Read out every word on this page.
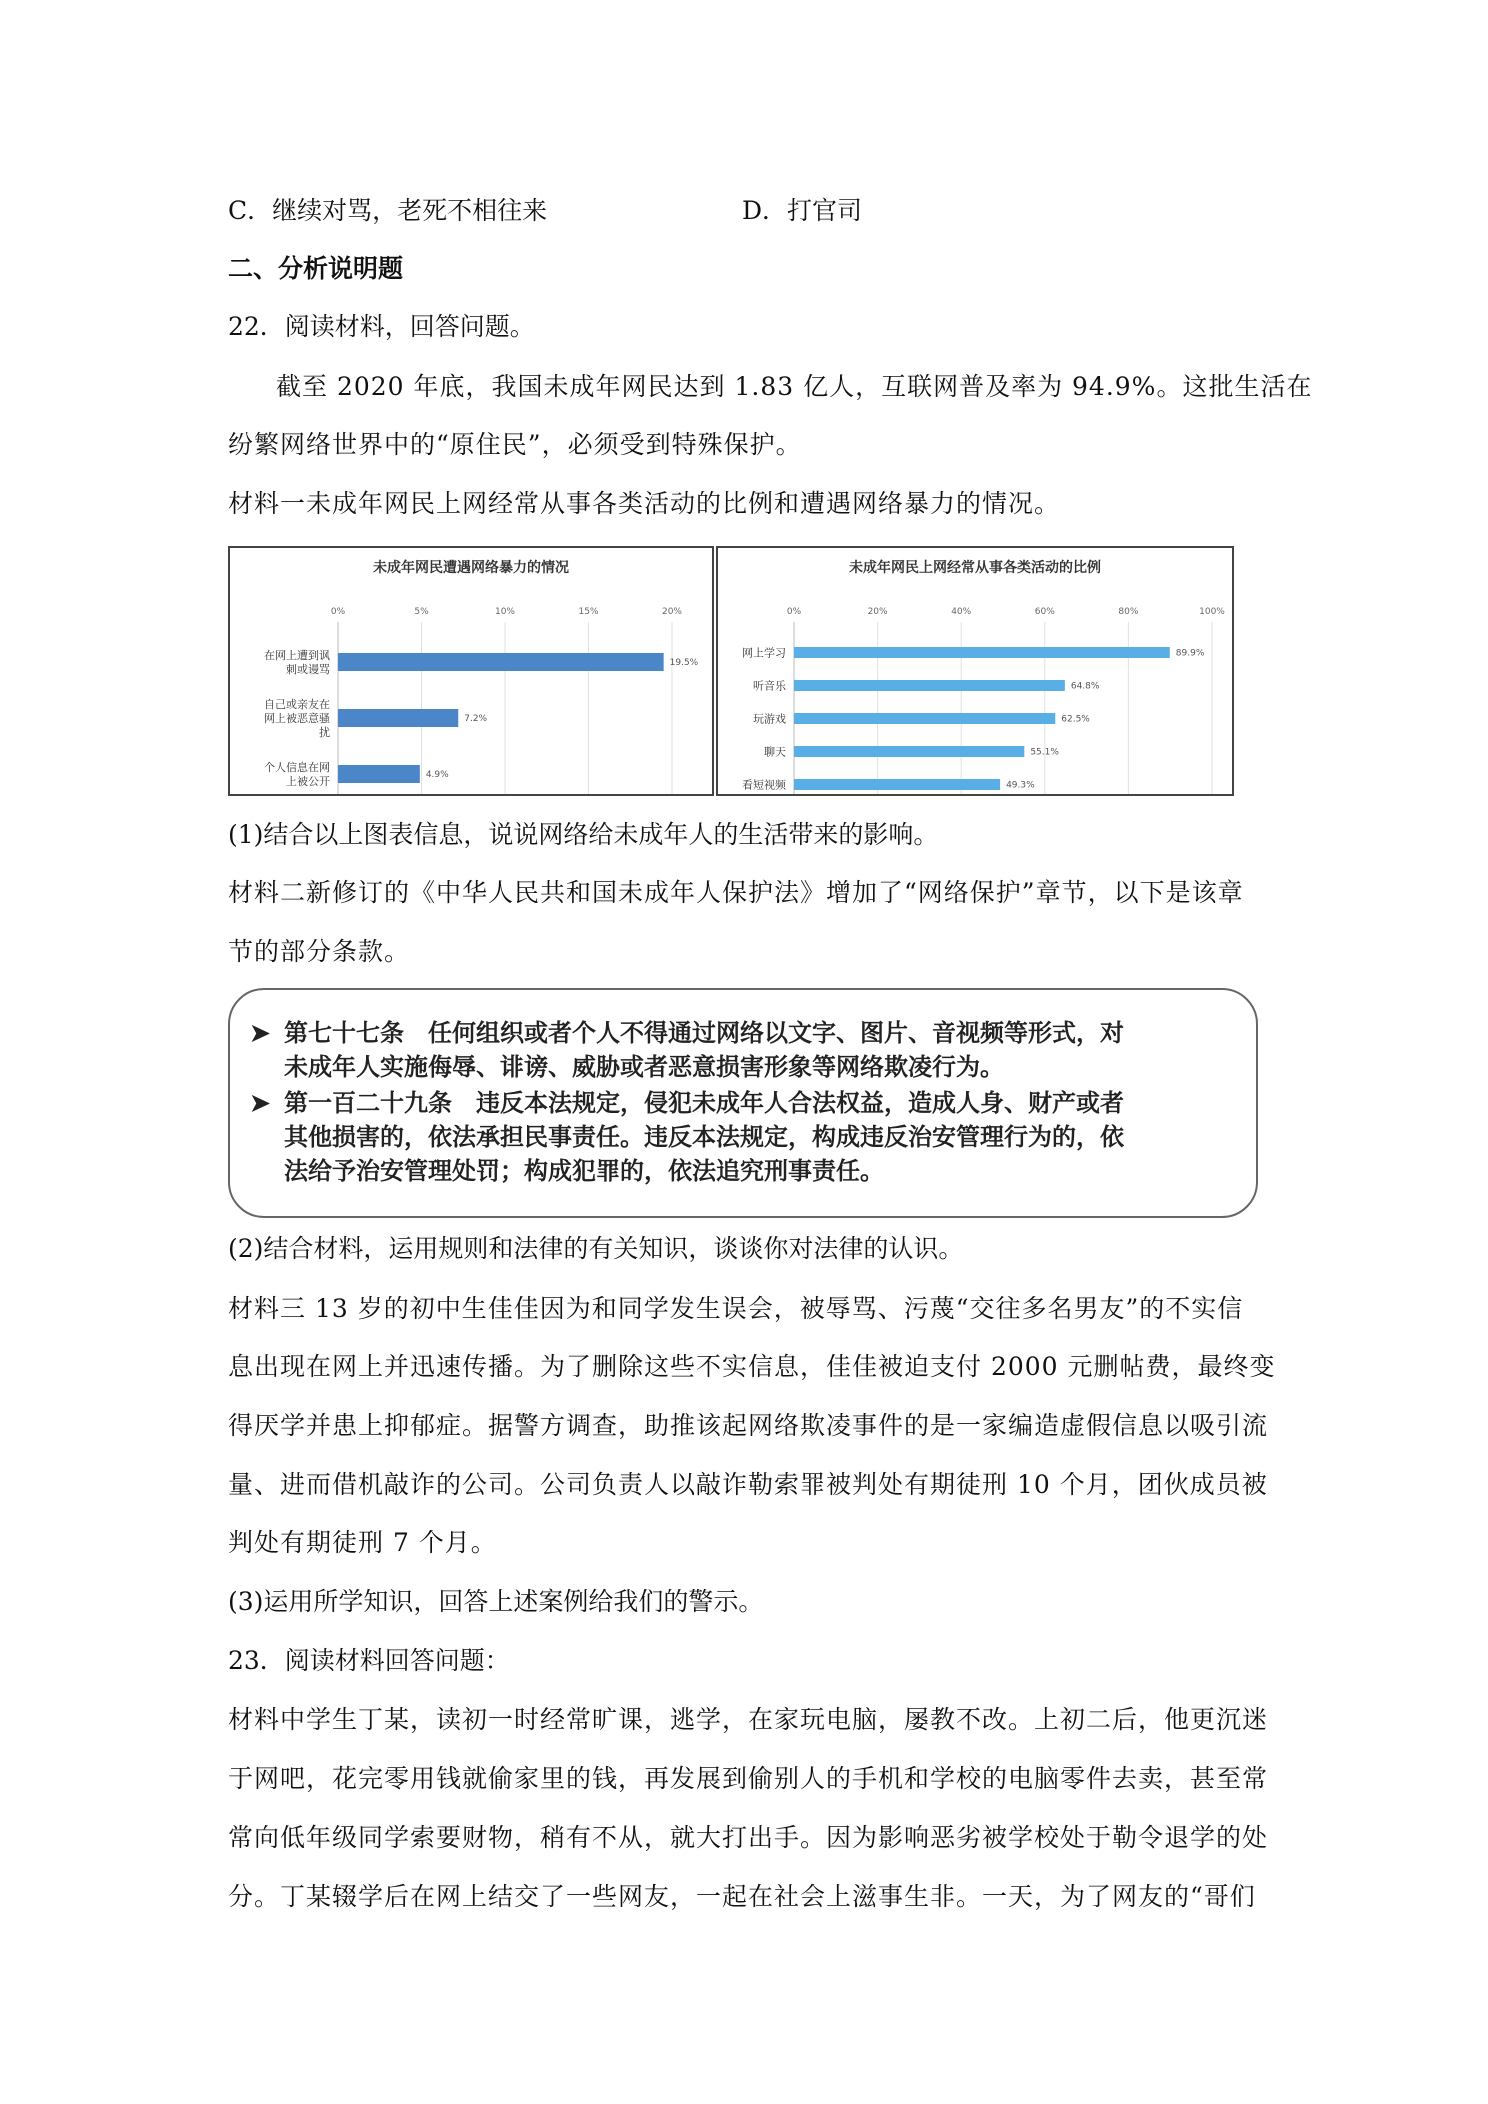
C．继续对骂，老死不相往来	D．打官司
二、分析说明题
22．阅读材料，回答问题。
截至 2020 年底，我国未成年网民达到 1.83 亿人，互联网普及率为 94.9%。这批生活在
纷繁网络世界中的“原住民”，必须受到特殊保护。
材料一未成年网民上网经常从事各类活动的比例和遭遇网络暴力的情况。
未成年网民遭遇网络暴力的情况
0%	5%	10%	15%	20%
在网上遭到讽
刺或谩骂	19.5%
自己或亲友在
网上被恶意骚
扰
7.2%
个人信息在网
上被公开	4.9%
未成年网民上网经常从事各类活动的比例
0%	20%	40%	60%	80%	100%
网上学习	89.9%
听音乐	64.8%
玩游戏	62.5%
聊天	55.1%
看短视频	49.3%
(1)结合以上图表信息，说说网络给未成年人的生活带来的影响。
材料二新修订的《中华人民共和国未成年人保护法》增加了“网络保护”章节，以下是该章
节的部分条款。
➤ 第七十七条　任何组织或者个人不得通过网络以文字、图片、音视频等形式，对
未成年人实施侮辱、诽谤、威胁或者恶意损害形象等网络欺凌行为。
➤ 第一百二十九条　违反本法规定，侵犯未成年人合法权益，造成人身、财产或者
其他损害的，依法承担民事责任。违反本法规定，构成违反治安管理行为的，依
法给予治安管理处罚；构成犯罪的，依法追究刑事责任。
(2)结合材料，运用规则和法律的有关知识，谈谈你对法律的认识。
材料三 13 岁的初中生佳佳因为和同学发生误会，被辱骂、污蔑“交往多名男友”的不实信
息出现在网上并迅速传播。为了删除这些不实信息，佳佳被迫支付 2000 元删帖费，最终变
得厌学并患上抑郁症。据警方调查，助推该起网络欺凌事件的是一家编造虚假信息以吸引流
量、进而借机敲诈的公司。公司负责人以敲诈勒索罪被判处有期徒刑 10 个月，团伙成员被
判处有期徒刑 7 个月。
(3)运用所学知识，回答上述案例给我们的警示。
23．阅读材料回答问题：
材料中学生丁某，读初一时经常旷课，逃学，在家玩电脑，屡教不改。上初二后，他更沉迷
于网吧，花完零用钱就偷家里的钱，再发展到偷别人的手机和学校的电脑零件去卖，甚至常
常向低年级同学索要财物，稍有不从，就大打出手。因为影响恶劣被学校处于勒令退学的处
分。丁某辍学后在网上结交了一些网友，一起在社会上滋事生非。一天，为了网友的“哥们
